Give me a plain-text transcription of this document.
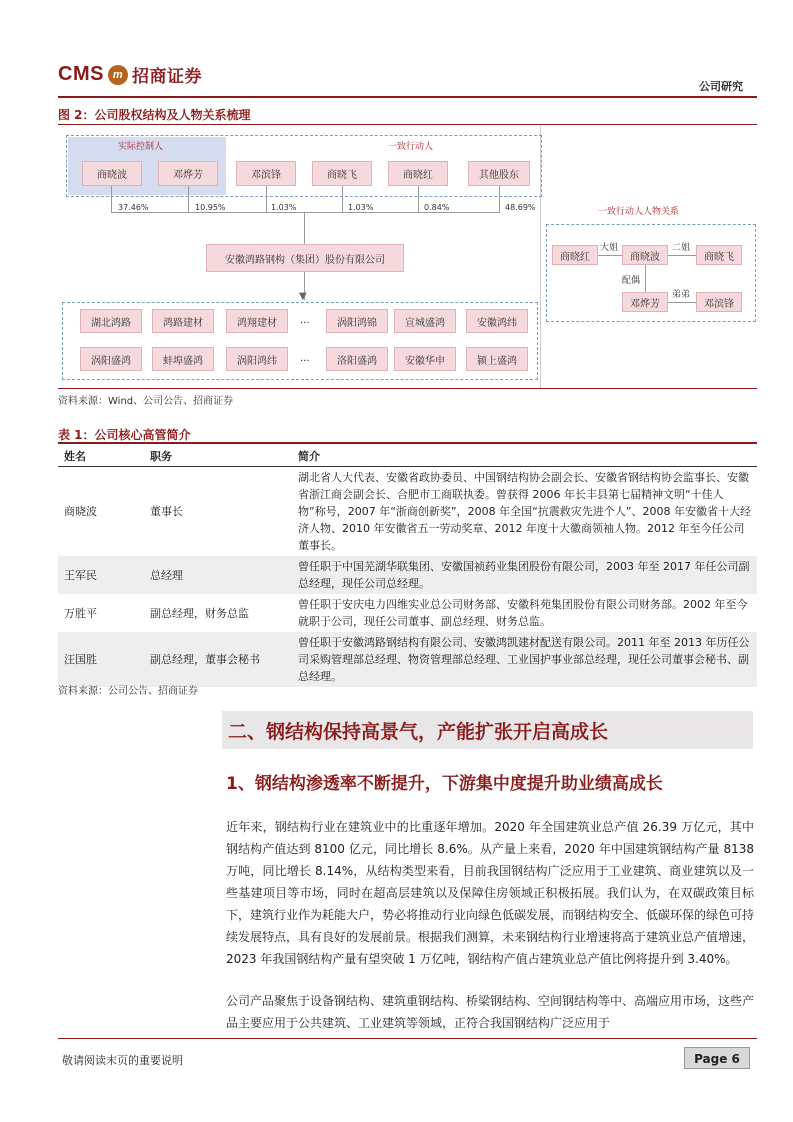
CMS m 招商证券	公司研究
图 2：公司股权结构及人物关系梳理
实际控制人	一致行动人
商晓波	邓烨芳	邓滨锋	商晓飞	商晓红	其他股东
37.46%	10.95%	1.03%	1.03%	0.84%	48.69%
安徽鸿路钢构（集团）股份有限公司
▼
一致行动人人物关系
商晓红	商晓波	商晓飞
邓烨芳	邓滨锋
大姐	二姐
配偶
弟弟
资料来源：Wind、公司公告、招商证券
表 1：公司核心高管简介
姓名	职务	简介
商晓波	董事长	湖北省人大代表、安徽省政协委员、中国钢结构协会副会长、安徽省钢结构协会监事长、安徽省浙江商会副会长、合肥市工商联执委。曾获得 2006 年长丰县第七届精神文明“十佳人物”称号，2007 年“浙商创新奖”，2008 年全国“抗震救灾先进个人”、2008 年安徽省十大经济人物、2010 年安徽省五一劳动奖章、2012 年度十大徽商领袖人物。2012 年至今任公司董事长。
王军民	总经理	曾任职于中国芜湖华联集团、安徽国祯药业集团股份有限公司，2003 年至 2017 年任公司副总经理，现任公司总经理。
万胜平	副总经理，财务总监	曾任职于安庆电力四维实业总公司财务部、安徽科苑集团股份有限公司财务部。2002 年至今就职于公司，现任公司董事、副总经理、财务总监。
汪国胜	副总经理，董事会秘书	曾任职于安徽鸿路钢结构有限公司、安徽鸿凯建材配送有限公司。2011 年至 2013 年历任公司采购管理部总经理、物资管理部总经理、工业国护事业部总经理，现任公司董事会秘书、副总经理。
资料来源：公司公告、招商证券
二、钢结构保持高景气，产能扩张开启高成长
1、钢结构渗透率不断提升，下游集中度提升助业绩高成长
近年来，钢结构行业在建筑业中的比重逐年增加。2020 年全国建筑业总产值 26.39 万亿元，其中钢结构产值达到 8100 亿元，同比增长 8.6%。从产量上来看，2020 年中国建筑钢结构产量 8138 万吨，同比增长 8.14%，从结构类型来看，目前我国钢结构广泛应用于工业建筑、商业建筑以及一些基建项目等市场，同时在超高层建筑以及保障住房领域正积极拓展。我们认为，在双碳政策目标下，建筑行业作为耗能大户，势必将推动行业向绿色低碳发展，而钢结构安全、低碳环保的绿色可持续发展特点，具有良好的发展前景。根据我们测算，未来钢结构行业增速将高于建筑业总产值增速，2023 年我国钢结构产量有望突破 1 万亿吨，钢结构产值占建筑业总产值比例将提升到 3.40%。
公司产品聚焦于设备钢结构、建筑重钢结构、桥梁钢结构、空间钢结构等中、高端应用市场，这些产品主要应用于公共建筑、工业建筑等领域，正符合我国钢结构广泛应用于
敬请阅读末页的重要说明	Page 6
湖北鸿路	鸿路建材	鸿翔建材	...	涡阳鸿锦	宣城盛鸿	安徽鸿纬
涡阳盛鸿	蚌埠盛鸿	涡阳鸿纬	...	洛阳盛鸿	安徽华申	颍上盛鸿
